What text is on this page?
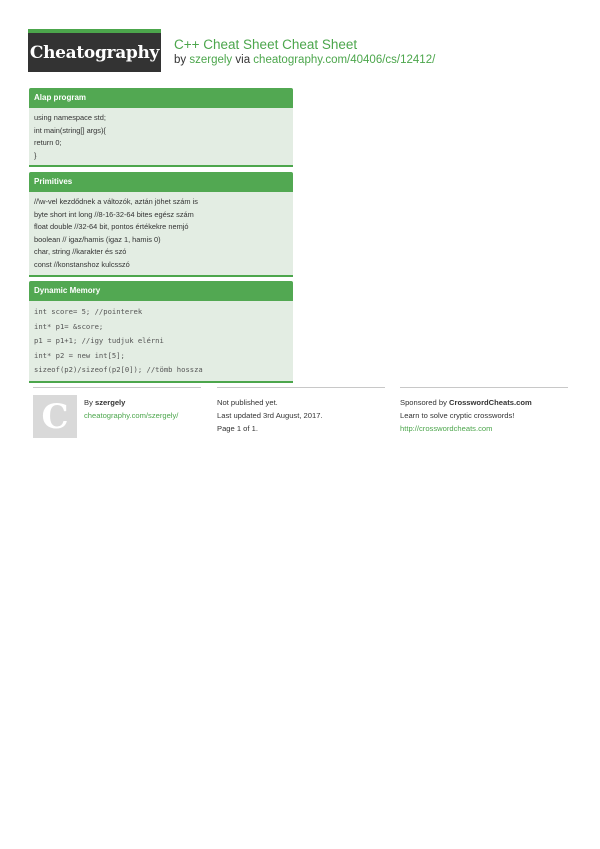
Cheatography C++ Cheat Sheet Cheat Sheet
by szergely via cheatography.com/40406/cs/12412/
Alap program
using namespace std;
int main(string[] args){
return 0;
}
Primitives
//\w-vel kezdődnek a változók, aztán jöhet szám is
byte short int long //8-16-32-64 bites egész szám
float double //32-64 bit, pontos értékekre nemjó
boolean // igaz/hamis (igaz 1, hamis 0)
char, string //karakter és szó
const //konstanshoz kulcsszó
Dynamic Memory
int score= 5; //pointerek
int* p1= &score;
p1 = p1+1; //igy tudjuk elérni
int* p2 = new int[5];
sizeof(p2)/sizeof(p2[0]); //tömb hossza
C By szergely
cheatography.com/szergely/
Not published yet.
Last updated 3rd August, 2017.
Page 1 of 1.
Sponsored by CrosswordCheats.com
Learn to solve cryptic crosswords!
http://crosswordcheats.com
